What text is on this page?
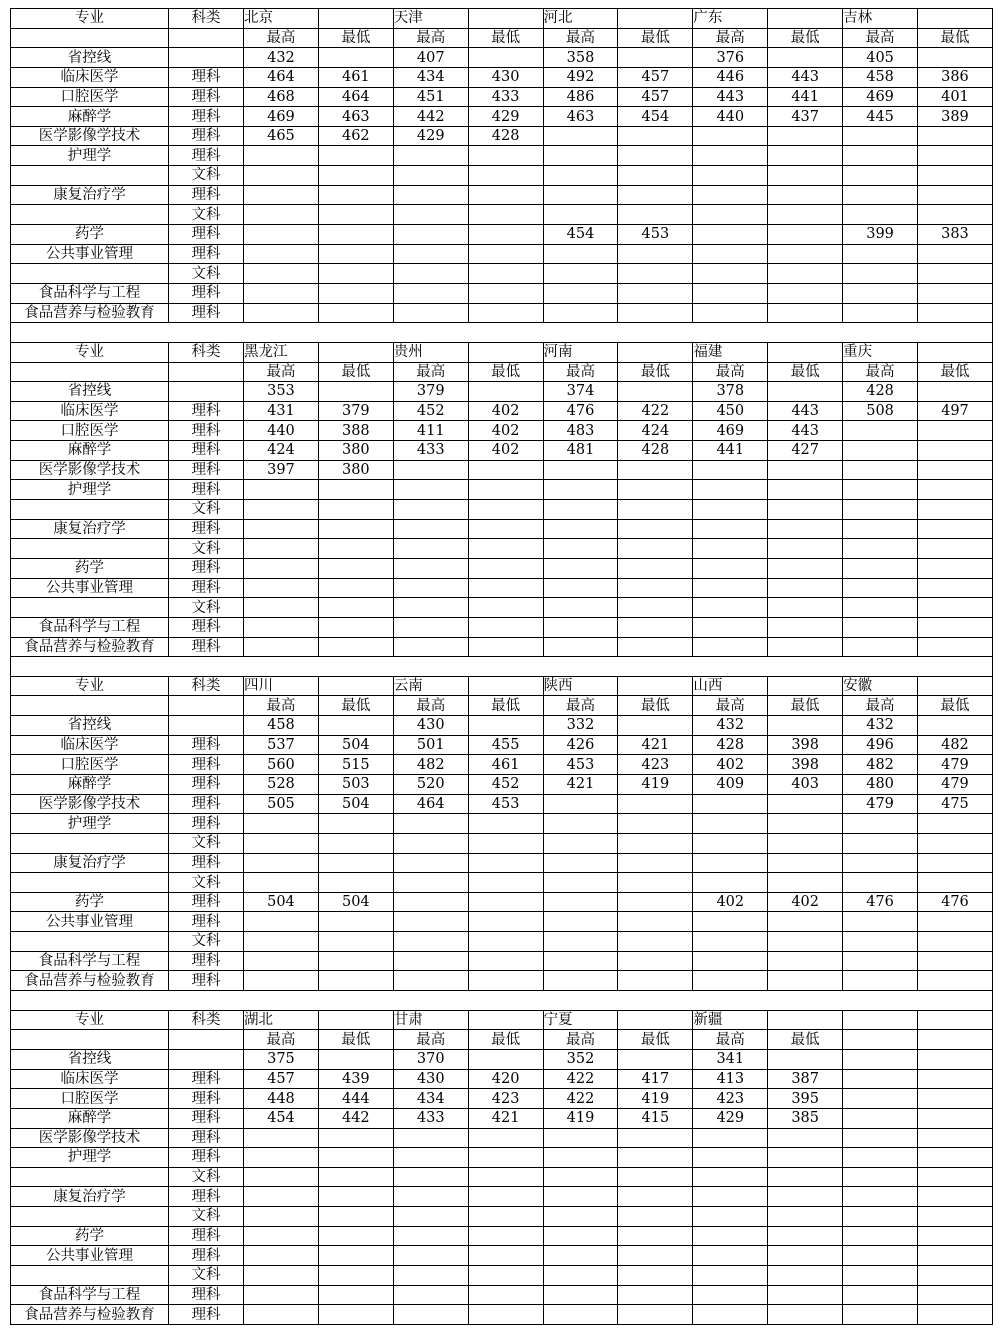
专业	科类	北京		天津		河北		广东		吉林	
		最高	最低	最高	最低	最高	最低	最高	最低	最高	最低
省控线		432		407		358		376		405	
临床医学	理科	464	461	434	430	492	457	446	443	458	386
口腔医学	理科	468	464	451	433	486	457	443	441	469	401
麻醉学	理科	469	463	442	429	463	454	440	437	445	389
医学影像学技术	理科	465	462	429	428						
护理学	理科										
	文科										
康复治疗学	理科										
	文科										
药学	理科					454	453			399	383
公共事业管理	理科										
	文科										
食品科学与工程	理科										
食品营养与检验教育	理科										

专业	科类	黑龙江		贵州		河南		福建		重庆	
		最高	最低	最高	最低	最高	最低	最高	最低	最高	最低
省控线		353		379		374		378		428	
临床医学	理科	431	379	452	402	476	422	450	443	508	497
口腔医学	理科	440	388	411	402	483	424	469	443		
麻醉学	理科	424	380	433	402	481	428	441	427		
医学影像学技术	理科	397	380								
护理学	理科										
	文科										
康复治疗学	理科										
	文科										
药学	理科										
公共事业管理	理科										
	文科										
食品科学与工程	理科										
食品营养与检验教育	理科										

专业	科类	四川		云南		陕西		山西		安徽	
		最高	最低	最高	最低	最高	最低	最高	最低	最高	最低
省控线		458		430		332		432		432	
临床医学	理科	537	504	501	455	426	421	428	398	496	482
口腔医学	理科	560	515	482	461	453	423	402	398	482	479
麻醉学	理科	528	503	520	452	421	419	409	403	480	479
医学影像学技术	理科	505	504	464	453					479	475
护理学	理科										
	文科										
康复治疗学	理科										
	文科										
药学	理科	504	504					402	402	476	476
公共事业管理	理科										
	文科										
食品科学与工程	理科										
食品营养与检验教育	理科										

专业	科类	湖北		甘肃		宁夏		新疆			
		最高	最低	最高	最低	最高	最低	最高	最低		
省控线		375		370		352		341			
临床医学	理科	457	439	430	420	422	417	413	387		
口腔医学	理科	448	444	434	423	422	419	423	395		
麻醉学	理科	454	442	433	421	419	415	429	385		
医学影像学技术	理科										
护理学	理科										
	文科										
康复治疗学	理科										
	文科										
药学	理科										
公共事业管理	理科										
	文科										
食品科学与工程	理科										
食品营养与检验教育	理科										
